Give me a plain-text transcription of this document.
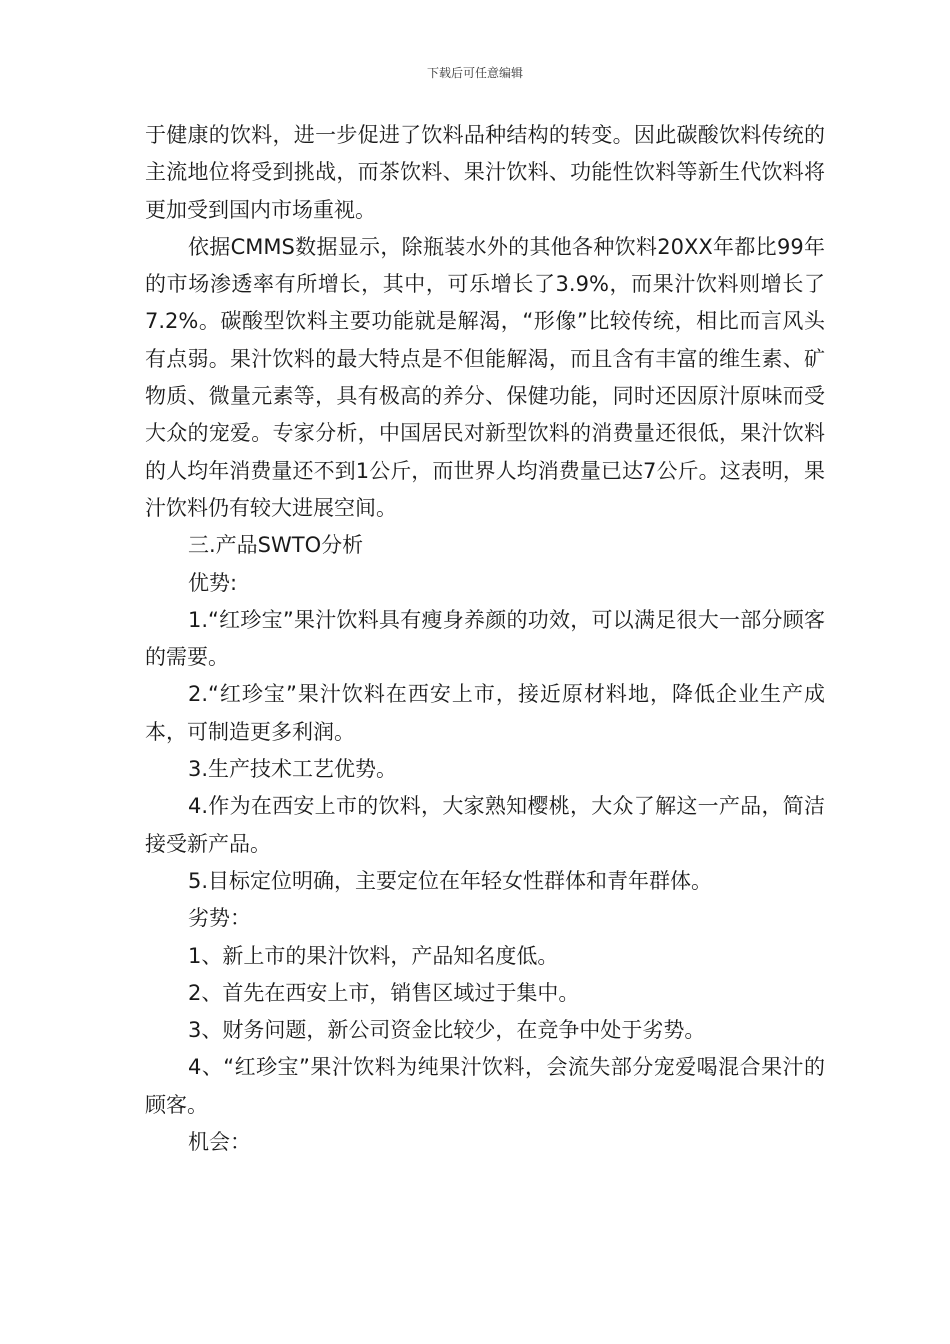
下载后可任意编辑

于健康的饮料，进一步促进了饮料品种结构的转变。因此碳酸饮料传统的主流地位将受到挑战，而茶饮料、果汁饮料、功能性饮料等新生代饮料将更加受到国内市场重视。

依据CMMS数据显示，除瓶装水外的其他各种饮料20XX年都比99年的市场渗透率有所增长，其中，可乐增长了3.9%，而果汁饮料则增长了7.2%。碳酸型饮料主要功能就是解渴，“形像”比较传统，相比而言风头有点弱。果汁饮料的最大特点是不但能解渴，而且含有丰富的维生素、矿物质、微量元素等，具有极高的养分、保健功能，同时还因原汁原味而受大众的宠爱。专家分析，中国居民对新型饮料的消费量还很低，果汁饮料的人均年消费量还不到1公斤，而世界人均消费量已达7公斤。这表明，果汁饮料仍有较大进展空间。

三.产品SWTO分析

优势:

1.“红珍宝”果汁饮料具有瘦身养颜的功效，可以满足很大一部分顾客的需要。

2.“红珍宝”果汁饮料在西安上市，接近原材料地，降低企业生产成本，可制造更多利润。

3.生产技术工艺优势。

4.作为在西安上市的饮料，大家熟知樱桃，大众了解这一产品，简洁接受新产品。

5.目标定位明确，主要定位在年轻女性群体和青年群体。

劣势：

1、新上市的果汁饮料，产品知名度低。

2、首先在西安上市，销售区域过于集中。

3、财务问题，新公司资金比较少，在竞争中处于劣势。

4、“红珍宝”果汁饮料为纯果汁饮料，会流失部分宠爱喝混合果汁的顾客。

机会：
